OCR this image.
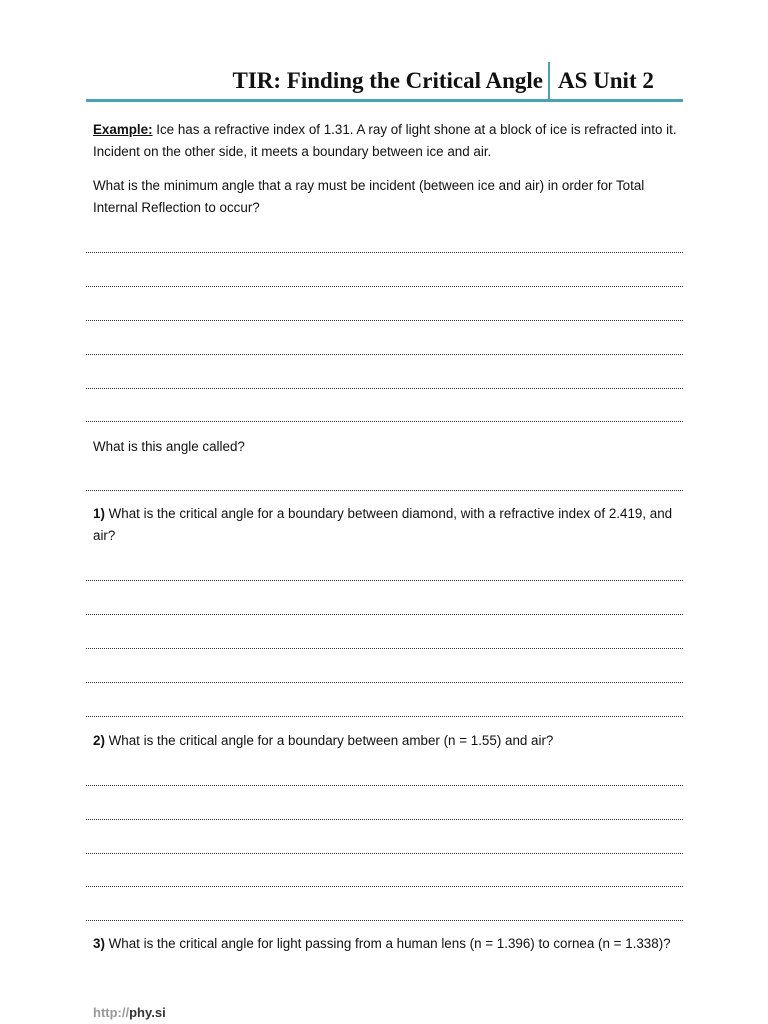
TIR: Finding the Critical Angle AS Unit 2
Example: Ice has a refractive index of 1.31. A ray of light shone at a block of ice is refracted into it. Incident on the other side, it meets a boundary between ice and air.
What is the minimum angle that a ray must be incident (between ice and air) in order for Total Internal Reflection to occur?
What is this angle called?
1) What is the critical angle for a boundary between diamond, with a refractive index of 2.419, and air?
2) What is the critical angle for a boundary between amber (n = 1.55) and air?
3) What is the critical angle for light passing from a human lens (n = 1.396) to cornea (n = 1.338)?
http://phy.si
